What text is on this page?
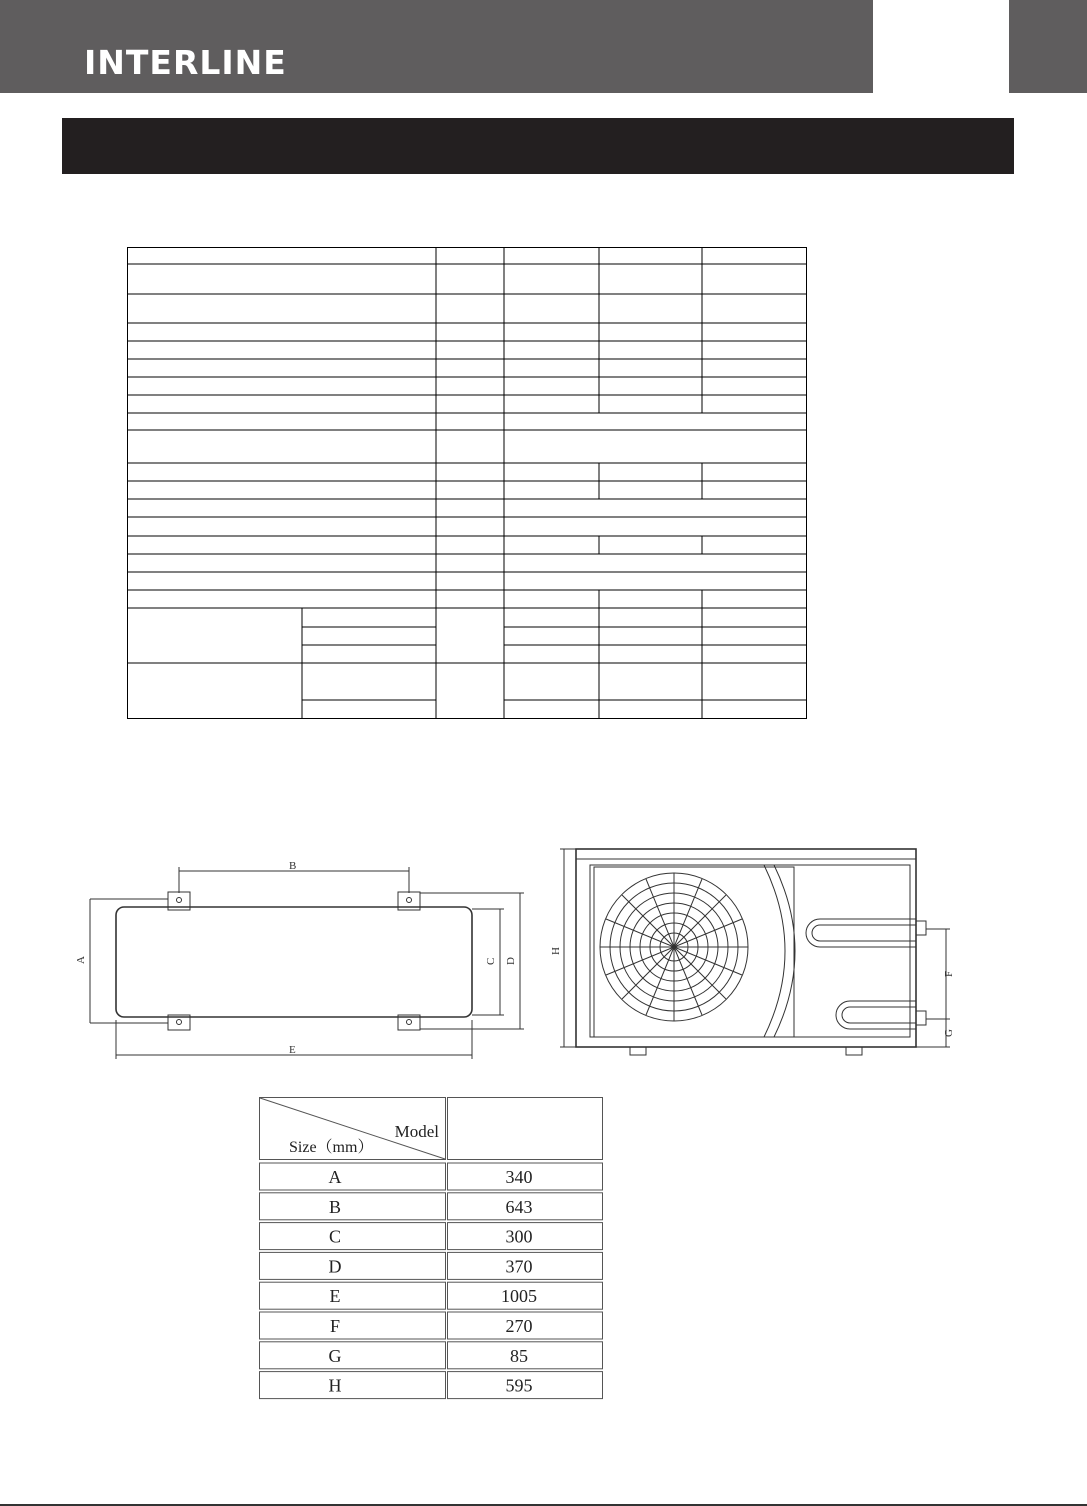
INTERLINE
B
A	C D
E
H
F
G
Model
Size（mm）
A	340
B	643
C	300
D	370
E	1005
F	270
G	85
H	595
